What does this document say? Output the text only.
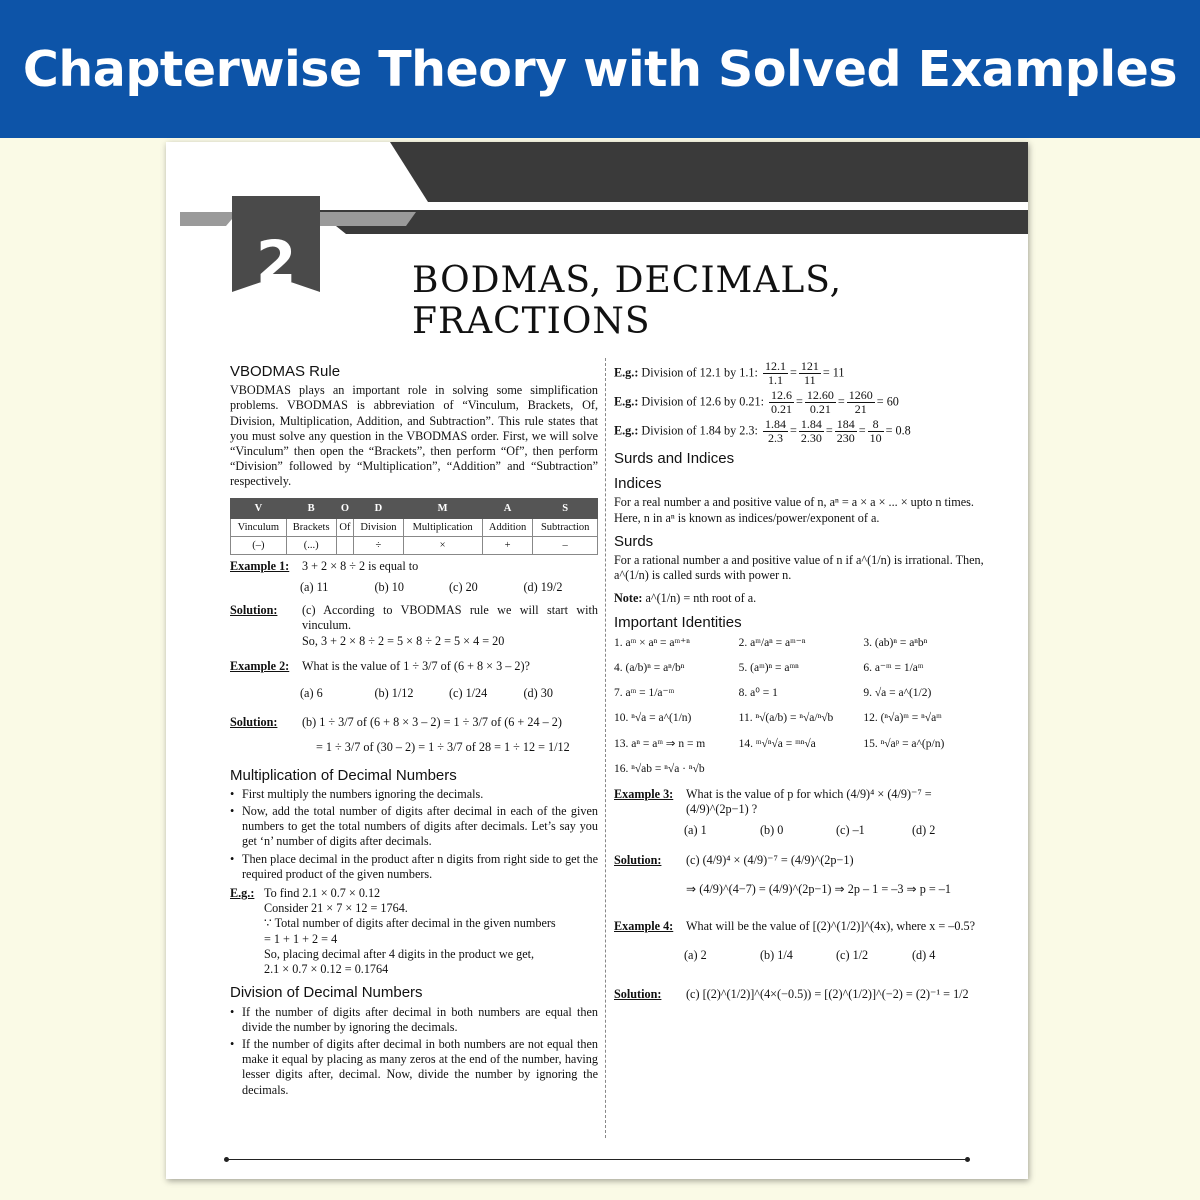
Chapterwise Theory with Solved Examples
2	BODMAS, DECIMALS, FRACTIONS
VBODMAS Rule

VBODMAS plays an important role in solving some simplification problems. VBODMAS is abbreviation of “Vinculum, Brackets, Of, Division, Multiplication, Addition, and Subtraction”. This rule states that you must solve any question in the VBODMAS order. First, we will solve “Vinculum” then open the “Brackets”, then perform “Of”, then perform “Division” followed by “Multiplication”, “Addition” and “Subtraction” respectively.

V	B	O	D	M	A	S
Vinculum	Brackets	Of	Division	Multiplication	Addition	Subtraction
(–)	(...)		÷	×	+	–
Example 1:	3 + 2 × 8 ÷ 2 is equal to
(a) 11	(b) 10	(c) 20	(d) 19/2
Solution:	(c) According to VBODMAS rule we will start with vinculum.

So, 3 + 2 × 8 ÷ 2 = 5 × 8 ÷ 2 = 5 × 4 = 20

Example 2:	What is the value of 1 ÷ 3/7 of (6 + 8 × 3 – 2)?
(a) 6	(b) 1/12	(c) 1/24	(d) 30
Solution:	(b) 1 ÷ 3/7 of (6 + 8 × 3 – 2) = 1 ÷ 3/7 of (6 + 24 – 2)

= 1 ÷ 3/7 of (30 – 2) = 1 ÷ 3/7 of 28 = 1 ÷ 12 = 1/12

Multiplication of Decimal Numbers
• First multiply the numbers ignoring the decimals.
• Now, add the total number of digits after decimal in each of the given numbers to get the total numbers of digits after decimals. Let’s say you get ‘n’ number of digits after decimals.
• Then place decimal in the product after n digits from right side to get the required product of the given numbers.
E.g.: To find 2.1 × 0.7 × 0.12

Consider 21 × 7 × 12 = 1764.

∵ Total number of digits after decimal in the given numbers

= 1 + 1 + 2 = 4

So, placing decimal after 4 digits in the product we get,

2.1 × 0.7 × 0.12 = 0.1764

Division of Decimal Numbers
• If the number of digits after decimal in both numbers are equal then divide the number by ignoring the decimals.
• If the number of digits after decimal in both numbers are not equal then make it equal by placing as many zeros at the end of the number, having lesser digits after, decimal. Now, divide the number by ignoring the decimals.
E.g.: Division of 12.1 by 1.1: $\frac{12.1}{1.1} = \frac{121}{11} = 11$
E.g.: Division of 12.6 by 0.21: $\frac{12.6}{0.21} = \frac{12.60}{0.21} = \frac{1260}{21} = 60$
E.g.: Division of 1.84 by 2.3: $\frac{1.84}{2.3} = \frac{1.84}{2.30} = \frac{184}{230} = \frac{8}{10} = 0.8$
Surds and Indices
Indices

For a real number a and positive value of n, aⁿ = a × a × ... × upto n times. Here, n in aⁿ is known as indices/power/exponent of a.

Surds

For a rational number a and positive value of n if a^(1/n) is irrational. Then, a^(1/n) is called surds with power n.

Note: a^(1/n) = nth root of a.

Important Identities
1. aᵐ × aⁿ = aᵐ⁺ⁿ	2. aᵐ/aⁿ = aᵐ⁻ⁿ	3. (ab)ⁿ = aⁿbⁿ
4. (a/b)ⁿ = aⁿ/bⁿ	5. (aᵐ)ⁿ = aᵐⁿ	6. a⁻ᵐ = 1/aᵐ
7. aᵐ = 1/a⁻ᵐ	8. a⁰ = 1	9. √a = a^(1/2)
10. ⁿ√a = a^(1/n)	11. ⁿ√(a/b) = ⁿ√a/ⁿ√b	12. (ⁿ√a)ᵐ = ⁿ√aᵐ
13. aⁿ = aᵐ ⇒ n = m	14. ᵐ√ⁿ√a = ᵐⁿ√a	15. ⁿ√aᵖ = a^(p/n)
16. ⁿ√ab = ⁿ√a · ⁿ√b
Example 3:	What is the value of p for which (4/9)⁴ × (4/9)⁻⁷ = (4/9)^(2p−1) ?
(a) 1	(b) 0	(c) –1	(d) 2
Solution:	(c) (4/9)⁴ × (4/9)⁻⁷ = (4/9)^(2p−1)

⇒ (4/9)^(4−7) = (4/9)^(2p−1) ⇒ 2p – 1 = –3 ⇒ p = –1

Example 4:	What will be the value of [(2)^(1/2)]^(4x), where x = –0.5?
(a) 2	(b) 1/4	(c) 1/2	(d) 4
Solution:	(c) [(2)^(1/2)]^(4×(−0.5)) = [(2)^(1/2)]^(−2) = (2)⁻¹ = 1/2
